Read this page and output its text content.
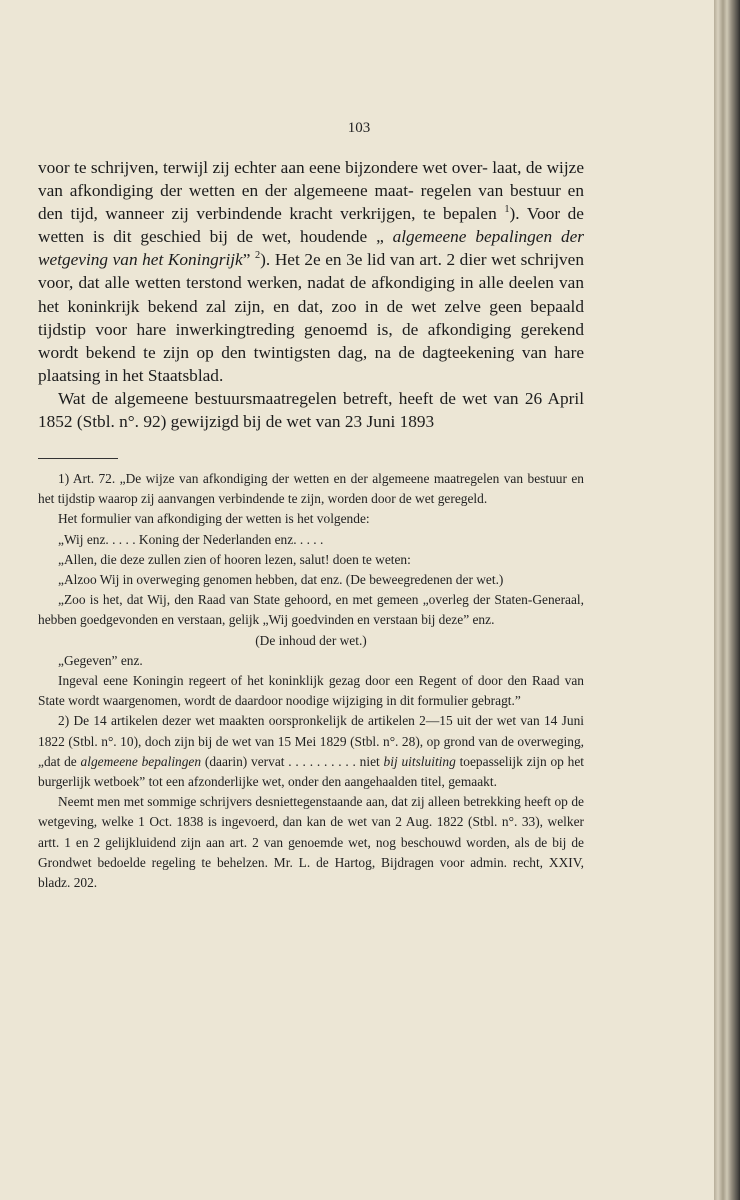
103

voor te schrijven, terwijl zij echter aan eene bijzondere wet over- laat, de wijze van afkondiging der wetten en der algemeene maat- regelen van bestuur en den tijd, wanneer zij verbindende kracht verkrijgen, te bepalen $^1$). Voor de wetten is dit geschied bij de wet, houdende „ algemeene bepalingen der wetgeving van het Koningrijk” $^2$). Het 2e en 3e lid van art. 2 dier wet schrijven voor, dat alle wetten terstond werken, nadat de afkondiging in alle deelen van het koninkrijk bekend zal zijn, en dat, zoo in de wet zelve geen bepaald tijdstip voor hare inwerkingtreding genoemd is, de afkondiging gerekend wordt bekend te zijn op den twintigsten dag, na de dagteekening van hare plaatsing in het Staatsblad.

Wat de algemeene bestuursmaatregelen betreft, heeft de wet van 26 April 1852 (Stbl. n°. 92) gewijzigd bij de wet van 23 Juni 1893

1) Art. 72. „De wijze van afkondiging der wetten en der algemeene maatregelen van bestuur en het tijdstip waarop zij aanvangen verbindende te zijn, worden door de wet geregeld.

Het formulier van afkondiging der wetten is het volgende:

„Wij enz. . . . . Koning der Nederlanden enz. . . . .

„Allen, die deze zullen zien of hooren lezen, salut! doen te weten:

„Alzoo Wij in overweging genomen hebben, dat enz. (De beweegredenen der wet.)

„Zoo is het, dat Wij, den Raad van State gehoord, en met gemeen „overleg der Staten-Generaal, hebben goedgevonden en verstaan, gelijk „Wij goedvinden en verstaan bij deze” enz.

(De inhoud der wet.)

„Gegeven” enz.

Ingeval eene Koningin regeert of het koninklijk gezag door een Regent of door den Raad van State wordt waargenomen, wordt de daardoor noodige wijziging in dit formulier gebragt.”

2) De 14 artikelen dezer wet maakten oorspronkelijk de artikelen 2—15 uit der wet van 14 Juni 1822 (Stbl. n°. 10), doch zijn bij de wet van 15 Mei 1829 (Stbl. n°. 28), op grond van de overweging, „dat de algemeene bepalingen (daarin) vervat . . . . . . . . . . niet bij uitsluiting toepasselijk zijn op het burgerlijk wetboek” tot een afzonderlijke wet, onder den aangehaalden titel, gemaakt.

Neemt men met sommige schrijvers desniettegenstaande aan, dat zij alleen betrekking heeft op de wetgeving, welke 1 Oct. 1838 is ingevoerd, dan kan de wet van 2 Aug. 1822 (Stbl. n°. 33), welker artt. 1 en 2 gelijkluidend zijn aan art. 2 van genoemde wet, nog beschouwd worden, als de bij de Grondwet bedoelde regeling te behelzen. Mr. L. de Hartog, Bijdragen voor admin. recht, XXIV, bladz. 202.
